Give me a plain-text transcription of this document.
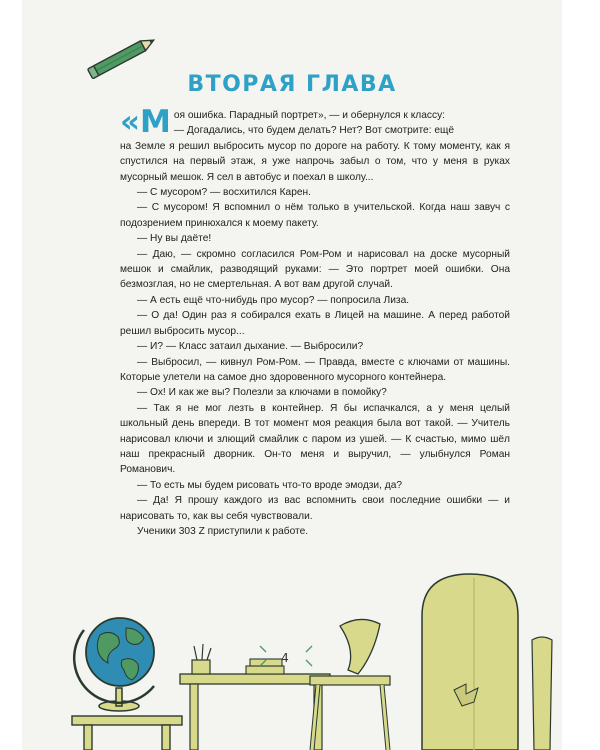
ВТОРАЯ ГЛАВА
«М оя ошибка. Парадный портрет», — и обернулся к классу:

— Догадались, что будем делать? Нет? Вот смотрите: ещё

на Земле я решил выбросить мусор по дороге на работу. К тому моменту, как я спустился на первый этаж, я уже напрочь забыл о том, что у меня в руках мусорный мешок. Я сел в автобус и поехал в школу...

— С мусором? — восхитился Карен.

— С мусором! Я вспомнил о нём только в учительской. Когда наш завуч с подозрением принюхался к моему пакету.

— Ну вы даёте!

— Даю, — скромно согласился Ром-Ром и нарисовал на доске мусорный мешок и смайлик, разводящий руками: — Это портрет моей ошибки. Она безмозглая, но не смертельная. А вот вам другой случай.

— А есть ещё что-нибудь про мусор? — попросила Лиза.

— О да! Один раз я собирался ехать в Лицей на машине. А перед работой решил выбросить мусор...

— И? — Класс затаил дыхание. — Выбросили?

— Выбросил, — кивнул Ром-Ром. — Правда, вместе с ключами от машины. Которые улетели на самое дно здоровенного мусорного контейнера.

— Ох! И как же вы? Полезли за ключами в помойку?

— Так я не мог лезть в контейнер. Я бы испачкался, а у меня целый школьный день впереди. В тот момент моя реакция была вот такой. — Учитель нарисовал ключи и злющий смайлик с паром из ушей. — К счастью, мимо шёл наш прекрасный дворник. Он-то меня и выручил, — улыбнулся Роман Романович.

— То есть мы будем рисовать что-то вроде эмодзи, да?

— Да! Я прошу каждого из вас вспомнить свои последние ошибки — и нарисовать то, как вы себя чувствовали.

Ученики 303 Z приступили к работе.

4
